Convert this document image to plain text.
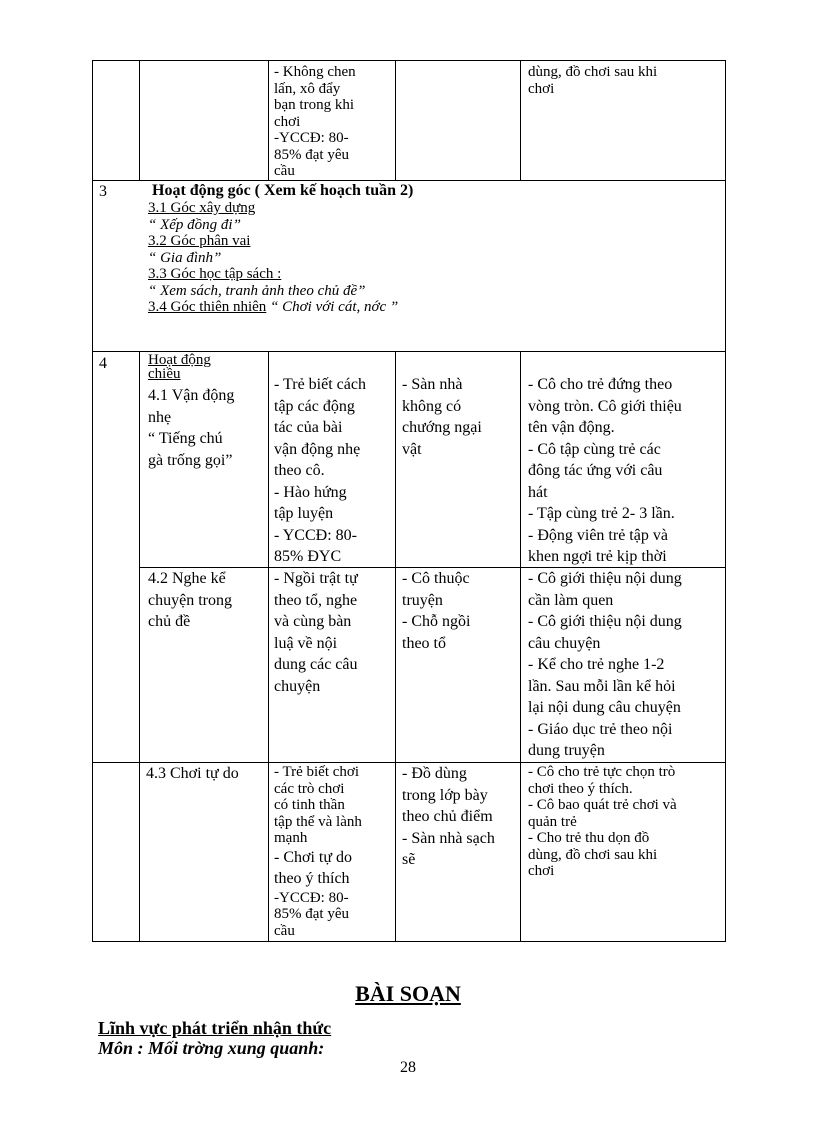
- Không chen
lấn, xô đẩy
bạn trong khi
chơi
-YCCĐ: 80-
85% đạt yêu
cầu
dùng, đồ chơi sau khi
chơi
3	Hoạt động góc ( Xem kế hoạch tuần 2)
3.1 Góc xây dựng
“ Xếp đồng đi”
3.2 Góc phân vai
“ Gia đình”
3.3 Góc học tập sách :
“ Xem sách, tranh ảnh theo chủ đề”
3.4 Góc thiên nhiên “ Chơi với cát, nớc ”
4	Hoạt động
chiều
4.1 Vận động
nhẹ
“ Tiếng chú
gà trống gọi”
- Trẻ biết cách
tập các động
tác của bài
vận động nhẹ
theo cô.
- Hào hứng
tập luyện
- YCCĐ: 80-
85% ĐYC
- Sàn nhà
không có
chướng ngại
vật
- Cô cho trẻ đứng theo
vòng tròn. Cô giới thiệu
tên vận động.
- Cô tập cùng trẻ các
đông tác ứng với câu
hát
- Tập cùng trẻ 2- 3 lần.
- Động viên trẻ tập và
khen ngợi trẻ kịp thời
4.2 Nghe kể
chuyện trong
chủ đề
- Ngồi trật tự
theo tổ, nghe
và cùng bàn
luậ về nội
dung các câu
chuyện
- Cô thuộc
truyện
- Chỗ ngồi
theo tổ
- Cô giới thiệu nội dung
cần làm quen
- Cô giới thiệu nội dung
câu chuyện
- Kể cho trẻ nghe 1-2
lần. Sau mỗi lần kể hỏi
lại nội dung câu chuyện
- Giáo dục trẻ theo nội
dung truyện
4.3 Chơi tự do - Trẻ biết chơi
các trò chơi
có tinh thần
tập thể và lành
mạnh
- Chơi tự do
theo ý thích
-YCCĐ: 80-
85% đạt yêu
cầu
- Đồ dùng
trong lớp bày
theo chủ điểm
- Sàn nhà sạch
sẽ
- Cô cho trẻ tực chọn trò
chơi theo ý thích.
- Cô bao quát trẻ chơi và
quản trẻ
- Cho trẻ thu dọn đồ
dùng, đồ chơi sau khi
chơi
BÀI SOẠN
Lĩnh vực phát triển nhận thức
Môn : Mối trờng xung quanh:
28
